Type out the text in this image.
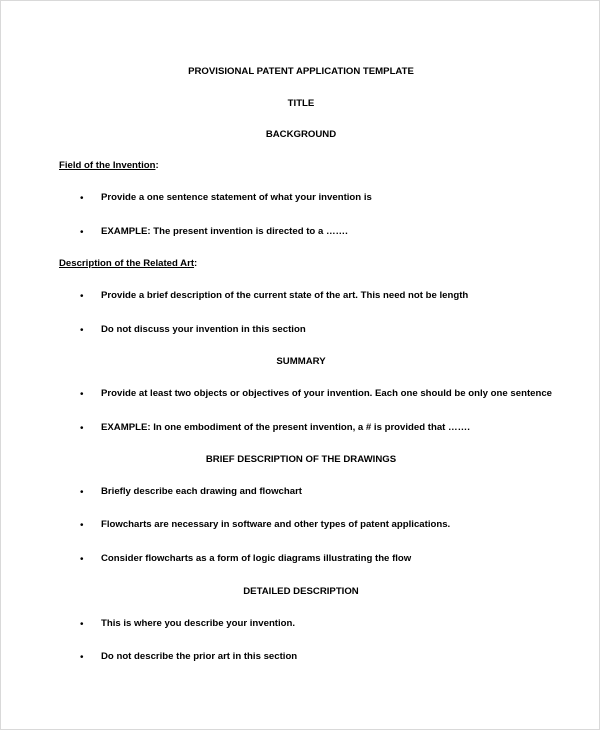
PROVISIONAL PATENT APPLICATION TEMPLATE
TITLE
BACKGROUND
Field of the Invention:
• Provide a one sentence statement of what your invention is
• EXAMPLE: The present invention is directed to a …….
Description of the Related Art:
• Provide a brief description of the current state of the art. This need not be length
• Do not discuss your invention in this section
SUMMARY
• Provide at least two objects or objectives of your invention. Each one should be only one sentence
• EXAMPLE: In one embodiment of the present invention, a # is provided that …….
BRIEF DESCRIPTION OF THE DRAWINGS
• Briefly describe each drawing and flowchart
• Flowcharts are necessary in software and other types of patent applications.
• Consider flowcharts as a form of logic diagrams illustrating the flow
DETAILED DESCRIPTION
• This is where you describe your invention.
• Do not describe the prior art in this section
